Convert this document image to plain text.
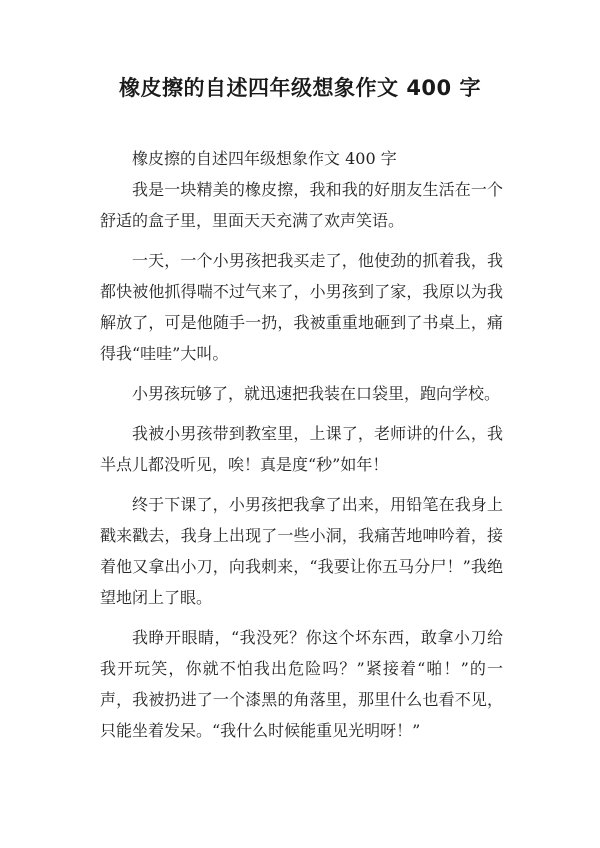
橡皮擦的自述四年级想象作文 400 字

橡皮擦的自述四年级想象作文 400 字

我是一块精美的橡皮擦，我和我的好朋友生活在一个舒适的盒子里，里面天天充满了欢声笑语。

一天，一个小男孩把我买走了，他使劲的抓着我，我都快被他抓得喘不过气来了，小男孩到了家，我原以为我解放了，可是他随手一扔，我被重重地砸到了书桌上，痛得我“哇哇”大叫。

小男孩玩够了，就迅速把我装在口袋里，跑向学校。

我被小男孩带到教室里，上课了，老师讲的什么，我半点儿都没听见，唉！真是度“秒”如年！

终于下课了，小男孩把我拿了出来，用铅笔在我身上戳来戳去，我身上出现了一些小洞，我痛苦地呻吟着，接着他又拿出小刀，向我刺来，“我要让你五马分尸！”我绝望地闭上了眼。

我睁开眼睛，“我没死？你这个坏东西，敢拿小刀给我开玩笑，你就不怕我出危险吗？”紧接着“啪！”的一声，我被扔进了一个漆黑的角落里，那里什么也看不见，只能坐着发呆。“我什么时候能重见光明呀！”
